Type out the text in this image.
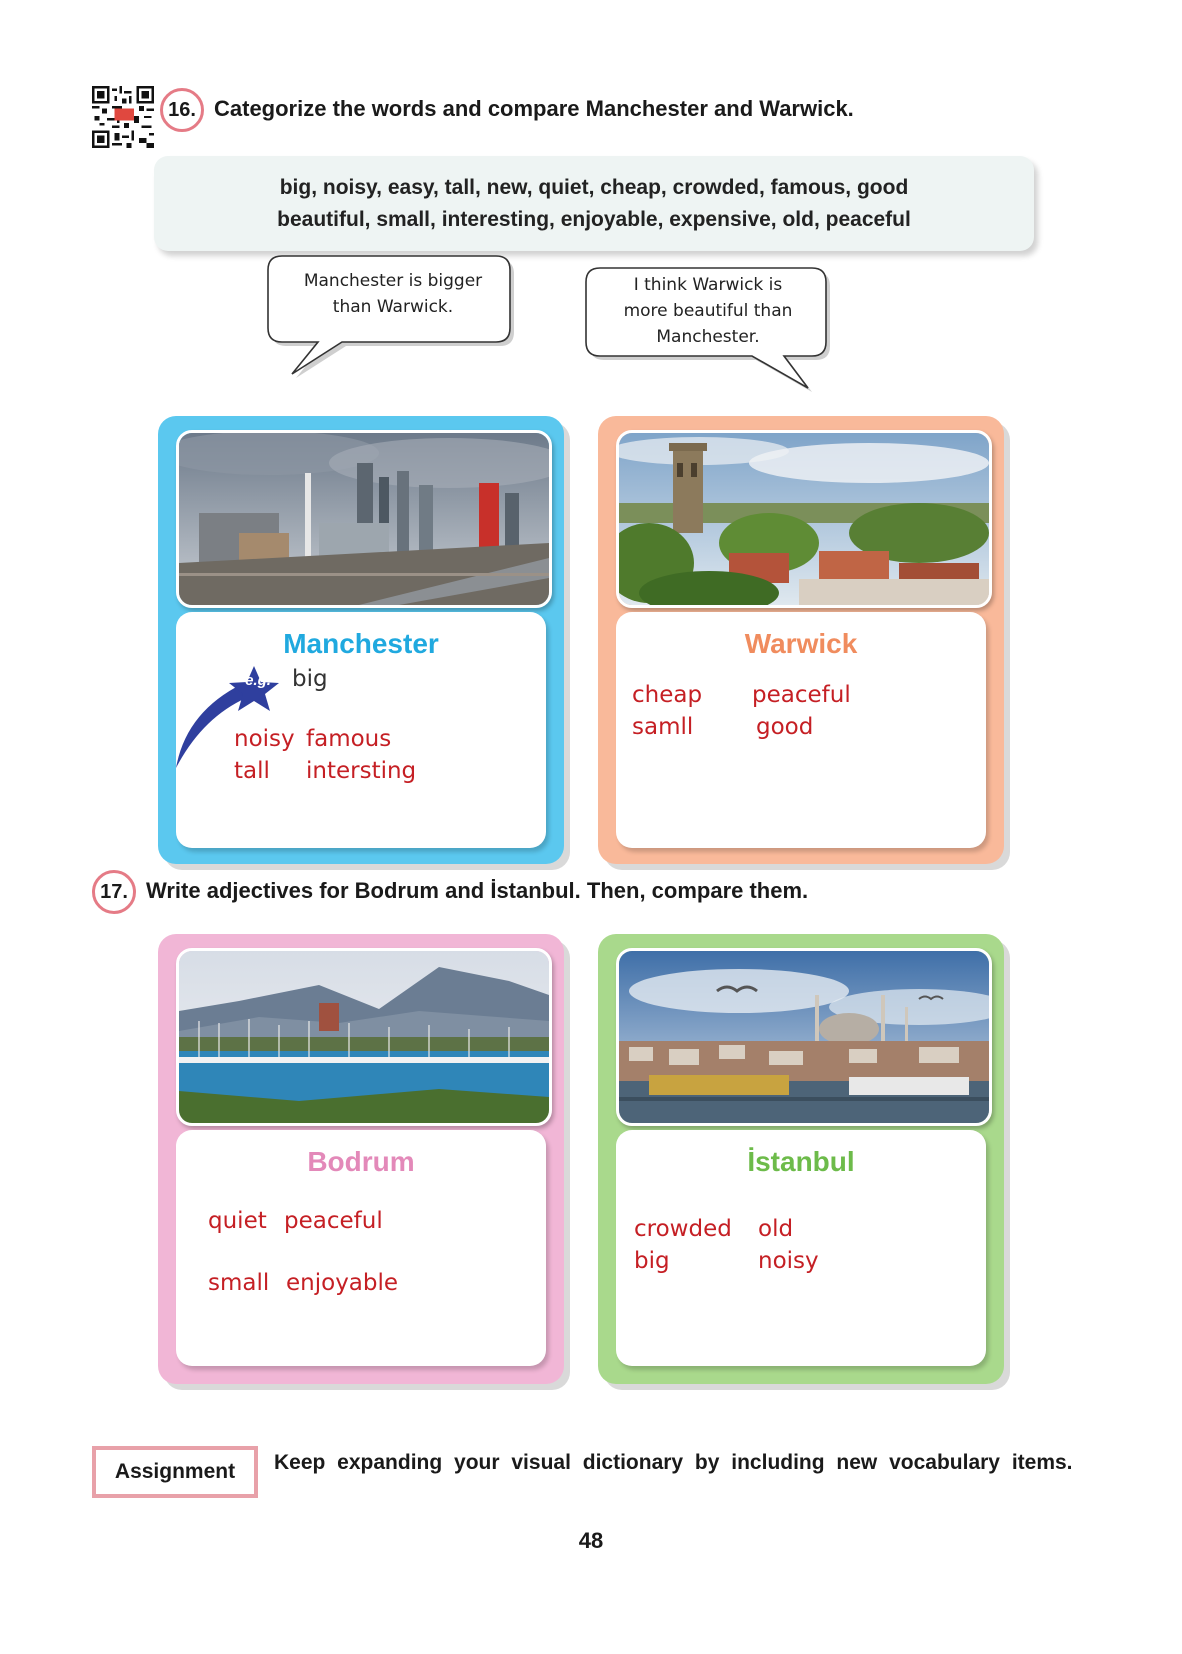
16. Categorize the words and compare Manchester and Warwick.
big, noisy, easy, tall, new, quiet, cheap, crowded, famous, good
beautiful, small, interesting, enjoyable, expensive, old, peaceful
Manchester is bigger
than Warwick.
I think Warwick is
more beautiful than
Manchester.
Manchester
e.g. big
noisy famous
tall intersting
Warwick
cheap peaceful
samll	good
17. Write adjectives for Bodrum and İstanbul. Then, compare them.
Bodrum
quiet peaceful
small enjoyable
İstanbul
crowded old
big	noisy
Assignment Keep expanding your visual dictionary by including new vocabulary items.
48
